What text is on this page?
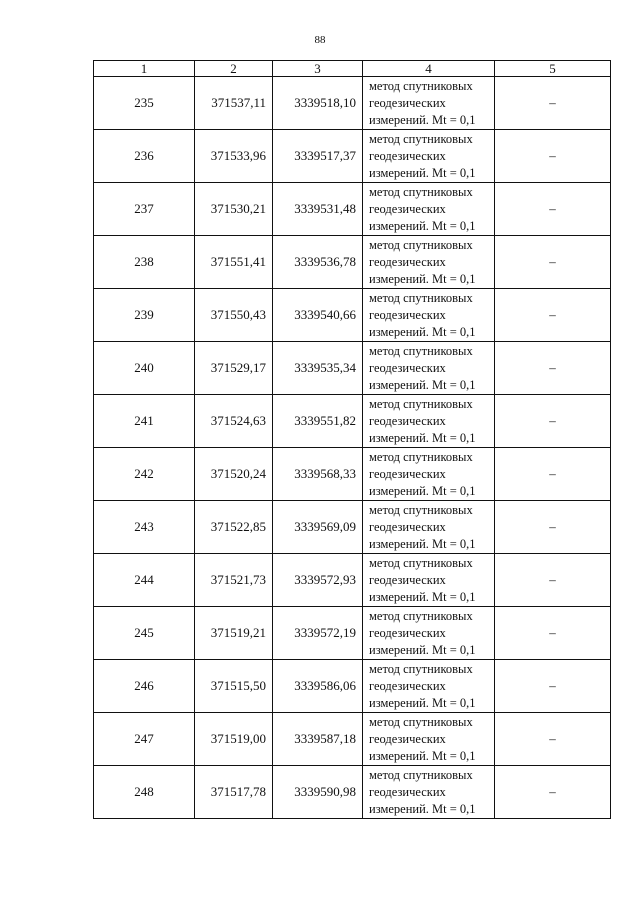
88
1	2	3	4	5
235	371537,11	3339518,10	метод спутниковых
геодезических
измерений. Mt = 0,1	–
236	371533,96	3339517,37	метод спутниковых
геодезических
измерений. Mt = 0,1	–
237	371530,21	3339531,48	метод спутниковых
геодезических
измерений. Mt = 0,1	–
238	371551,41	3339536,78	метод спутниковых
геодезических
измерений. Mt = 0,1	–
239	371550,43	3339540,66	метод спутниковых
геодезических
измерений. Mt = 0,1	–
240	371529,17	3339535,34	метод спутниковых
геодезических
измерений. Mt = 0,1	–
241	371524,63	3339551,82	метод спутниковых
геодезических
измерений. Mt = 0,1	–
242	371520,24	3339568,33	метод спутниковых
геодезических
измерений. Mt = 0,1	–
243	371522,85	3339569,09	метод спутниковых
геодезических
измерений. Mt = 0,1	–
244	371521,73	3339572,93	метод спутниковых
геодезических
измерений. Mt = 0,1	–
245	371519,21	3339572,19	метод спутниковых
геодезических
измерений. Mt = 0,1	–
246	371515,50	3339586,06	метод спутниковых
геодезических
измерений. Mt = 0,1	–
247	371519,00	3339587,18	метод спутниковых
геодезических
измерений. Mt = 0,1	–
248	371517,78	3339590,98	метод спутниковых
геодезических
измерений. Mt = 0,1	–
